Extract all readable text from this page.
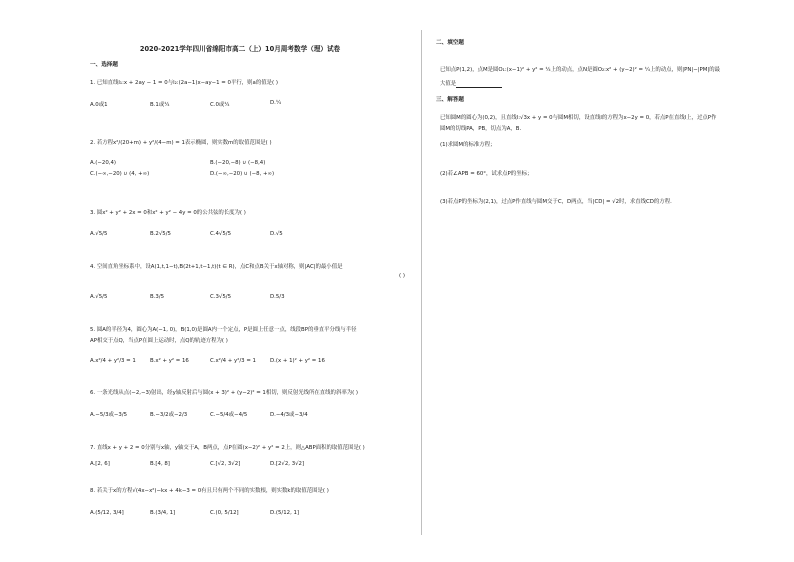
2020-2021学年四川省绵阳市高二（上）10月周考数学（理）试卷
一、选择题
1. 已知直线l₁:x + 2ay − 1 = 0与l₂:(2a−1)x−ay−1 = 0平行，则a的值是( )
A.0或1	B.1或¼	C.0或¼	D.¼
2. 若方程x²/(20+m) + y²/(4−m) = 1表示椭圆，则实数m的取值范围是( )
A.(−20,4)	B.(−20,−8) ∪ (−8,4)
C.(−∞,−20) ∪ (4, +∞)	D.(−∞,−20) ∪ (−8, +∞)
3. 圆x² + y² + 2x = 0和x² + y² − 4y = 0的公共弦的长度为( )
A.√5/5	B.2√5/5	C.4√5/5	D.√5
4. 空间直角坐标系中，设A(1,t,1−t),B(2t+1,t−1,t)(t ∈ R)，点C和点B关于x轴对称，则|AC|的最小值是
( )
A.√5/5	B.3/5	C.3√5/5	D.5/3
5. 圆A的半径为4，圆心为A(−1, 0)，B(1,0)是圆A内一个定点，P是圆上任意一点，线段BP的垂直平分线与半径
AP相交于点Q，当点P在圆上运动时，点Q的轨迹方程为( )
A.x²/4 + y²/3 = 1	B.x² + y² = 16	C.x²/4 + y²/3 = 1	D.(x + 1)² + y² = 16
6. 一条光线从点(−2,−3)射出，经y轴反射后与圆(x + 3)² + (y−2)² = 1相切，则反射光线所在直线的斜率为( )
A.−5/3或−3/5	B.−3/2或−2/3	C.−5/4或−4/5	D.−4/3或−3/4
7. 直线x + y + 2 = 0分别与x轴，y轴交于A，B两点，点P在圆(x−2)² + y² = 2上，则△ABP面积的取值范围是( )
A.[2, 6]	B.[4, 8]	C.[√2, 3√2]	D.[2√2, 3√2]
8. 若关于x的方程√(4x−x²)−kx + 4k−3 = 0有且只有两个不同的实数根，则实数k的取值范围是( )
A.(5/12, 3/4]	B.(3/4, 1]	C.(0, 5/12]	D.(5/12, 1]
二、填空题
已知点P(1,2)，点M是圆O₁:(x−1)² + y² = ¼上的动点，点N是圆O₂:x² + (y−2)² = ¼上的动点，则|PN|−|PM|的最
大值是
三、解答题
已知圆M的圆心为(0,2)，且直线l:√3x + y = 0与圆M相切，设直线l的方程为x−2y = 0，若点P在直线l上，过点P作
圆M的切线PA，PB，切点为A，B．
(1)求圆M的标准方程；
(2)若∠APB = 60°，试求点P的坐标；
(3)若点P的坐标为(2,1)，过点P作直线与圆M交于C，D两点，当|CD| = √2时，求直线CD的方程．
